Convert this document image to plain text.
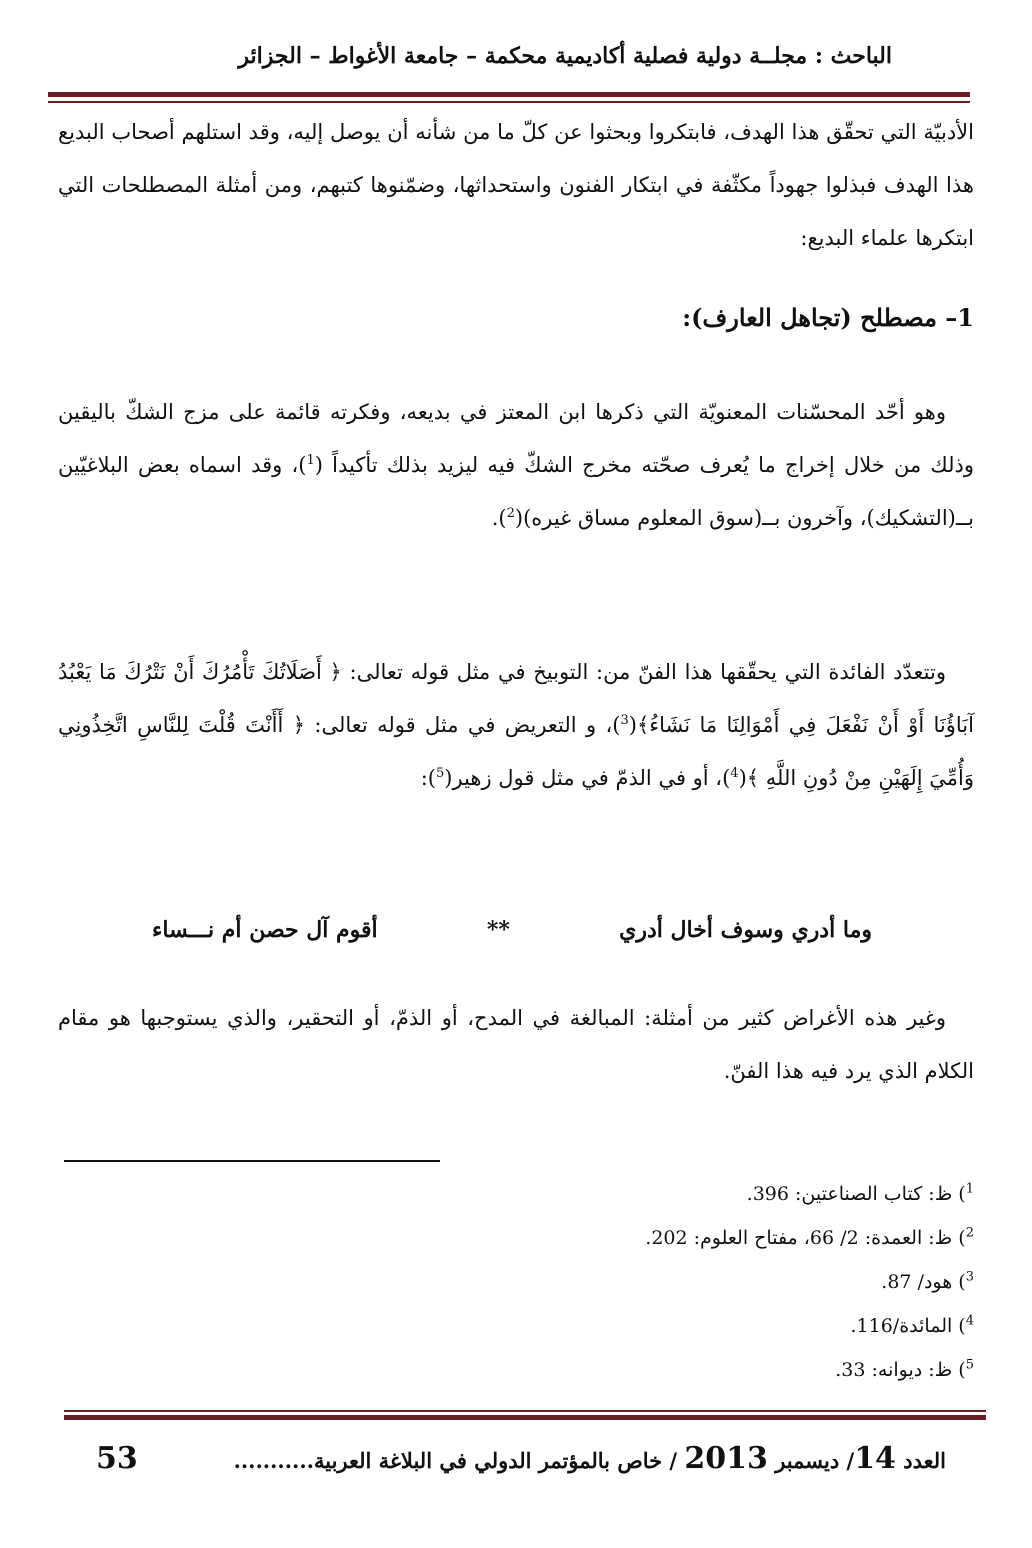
الباحث : مجلــة دولية فصلية أكاديمية محكمة – جامعة الأغواط – الجزائر

الأدبيّة التي تحقّق هذا الهدف، فابتكروا وبحثوا عن كلّ ما من شأنه أن يوصل إليه، وقد استلهم أصحاب البديع هذا الهدف فبذلوا جهوداً مكثّفة في ابتكار الفنون واستحداثها، وضمّنوها كتبهم، ومن أمثلة المصطلحات التي ابتكرها علماء البديع:

1– مصطلح (تجاهل العارف):

وهو أحّد المحسّنات المعنويّة التي ذكرها ابن المعتز في بديعه، وفكرته قائمة على مزج الشكّ باليقين وذلك من خلال إخراج ما يُعرف صحّته مخرج الشكّ فيه ليزيد بذلك تأكيداً ($^1$)، وقد اسماه بعض البلاغيّين بــ(التشكيك)، وآخرون بــ(سوق المعلوم مساق غيره)($^2$).

وتتعدّد الفائدة التي يحقّقها هذا الفنّ من: التوبيخ في مثل قوله تعالى: ﴿ أَصَلَاتُكَ تَأْمُرُكَ أَنْ نَتْرُكَ مَا يَعْبُدُ آبَاؤُنَا أَوْ أَنْ نَفْعَلَ فِي أَمْوَالِنَا مَا نَشَاءُ﴾($^3$)، و التعريض في مثل قوله تعالى: ﴿ أَأَنْتَ قُلْتَ لِلنَّاسِ اتَّخِذُونِي وَأُمِّيَ إِلَهَيْنِ مِنْ دُونِ اللَّهِ ﴾($^4$)، أو في الذمّ في مثل قول زهير($^5$):

وما أدري وسوف أخال أدري
**
أقوم آل حصن أم نـــساء

وغير هذه الأغراض كثير من أمثلة: المبالغة في المدح، أو الذمّ، أو التحقير، والذي يستوجبها هو مقام الكلام الذي يرد فيه هذا الفنّ.

$^1$) ظ: كتاب الصناعتين: 396.
$^2$) ظ: العمدة: 2/ 66، مفتاح العلوم: 202.
$^3$) هود/ 87.
$^4$) المائدة/116.
$^5$) ظ: ديوانه: 33.
العدد 14/ ديسمبر 2013 / خاص بالمؤتمر الدولي في البلاغة العربية...........
53
